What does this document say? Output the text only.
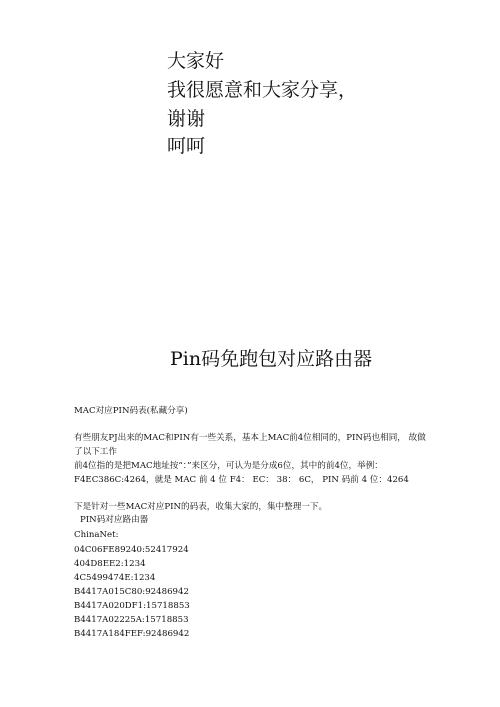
大家好
我很愿意和大家分享，
谢谢
呵呵
Pin码免跑包对应路由器
MAC对应PIN码表(私藏分享)
有些朋友PJ出来的MAC和PIN有一些关系，基本上MAC前4位相同的，PIN码也相同， 故做
了以下工作
前4位指的是把MAC地址按“：”来区分，可认为是分成6位，其中的前4位，举例：
F4EC386C:4264，就是 MAC 前 4 位 F4： EC： 38： 6C， PIN 码前 4 位：4264
下是针对一些MAC对应PIN的码表，收集大家的，集中整理一下。
PIN码对应路由器
ChinaNet:
04C06FE89240:52417924
404D8EE2:1234
4C5499474E:1234
B4417A015C80:92486942
B4417A020DF1:15718853
B4417A02225A:15718853
B4417A184FEF:92486942
